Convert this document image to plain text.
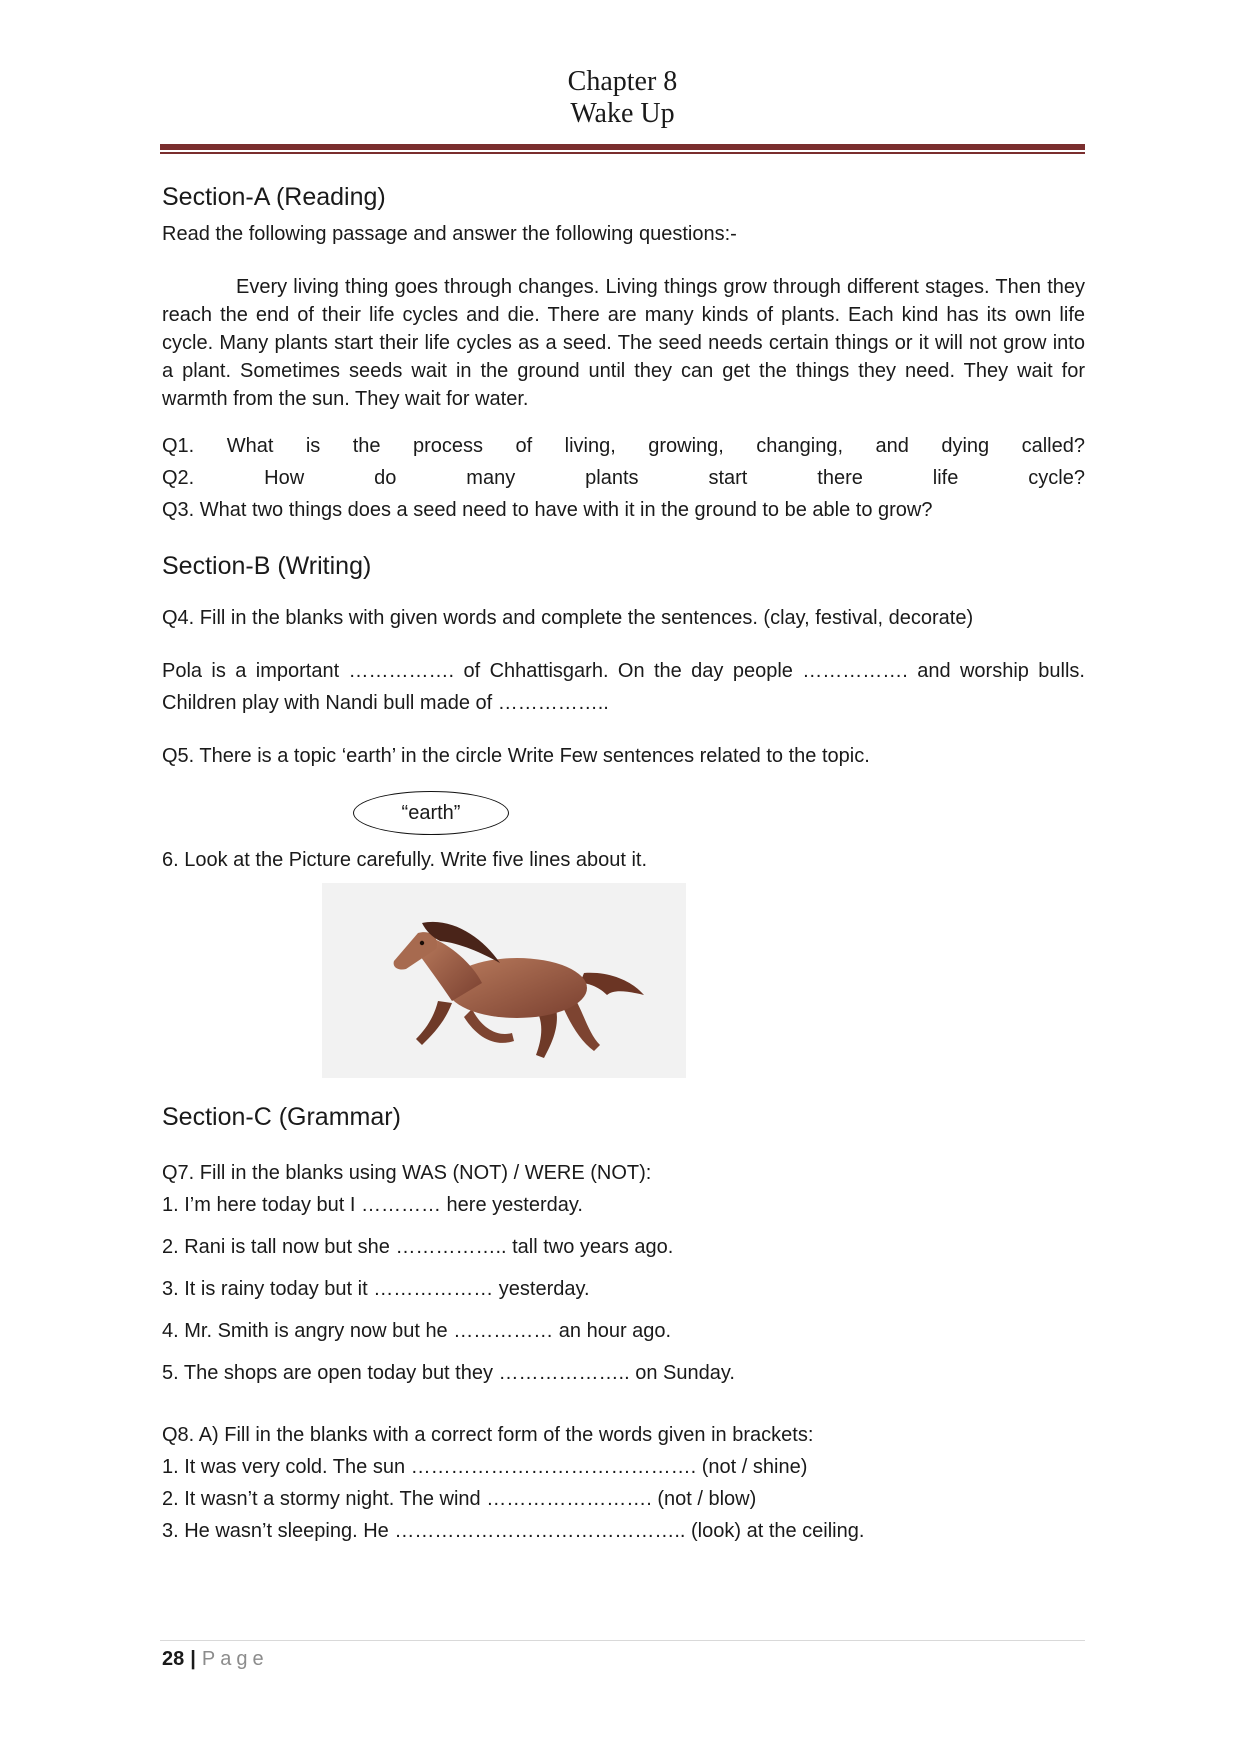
Chapter 8
Wake Up
Section-A (Reading)
Read the following passage and answer the following questions:-
Every living thing goes through changes. Living things grow through different stages. Then they reach the end of their life cycles and die. There are many kinds of plants. Each kind has its own life cycle. Many plants start their life cycles as a seed. The seed needs certain things or it will not grow into a plant. Sometimes seeds wait in the ground until they can get the things they need. They wait for warmth from the sun. They wait for water.
Q1. What is the process of living, growing, changing, and dying called?
Q2. How do many plants start there life cycle?
Q3. What two things does a seed need to have with it in the ground to be able to grow?
Section-B (Writing)
Q4. Fill in the blanks with given words and complete the sentences. (clay, festival, decorate)
Pola is a important ……………. of Chhattisgarh. On the day people ……………. and worship bulls.
Children play with Nandi bull made of ……………..
Q5. There is a topic ‘earth’ in the circle Write Few sentences related to the topic.
“earth”
6. Look at the Picture carefully. Write five lines about it.
Section-C (Grammar)
Q7. Fill in the blanks using WAS (NOT) / WERE (NOT):
1. I’m here today but I ………… here yesterday.
2. Rani is tall now but she …………….. tall two years ago.
3. It is rainy today but it ……………… yesterday.
4. Mr. Smith is angry now but he …………… an hour ago.
5. The shops are open today but they ……………….. on Sunday.
Q8. A) Fill in the blanks with a correct form of the words given in brackets:
1. It was very cold. The sun ……………………………………. (not / shine)
2. It wasn’t a stormy night. The wind ……………………. (not / blow)
3. He wasn’t sleeping. He …………………………………….. (look) at the ceiling.
28 | Page
